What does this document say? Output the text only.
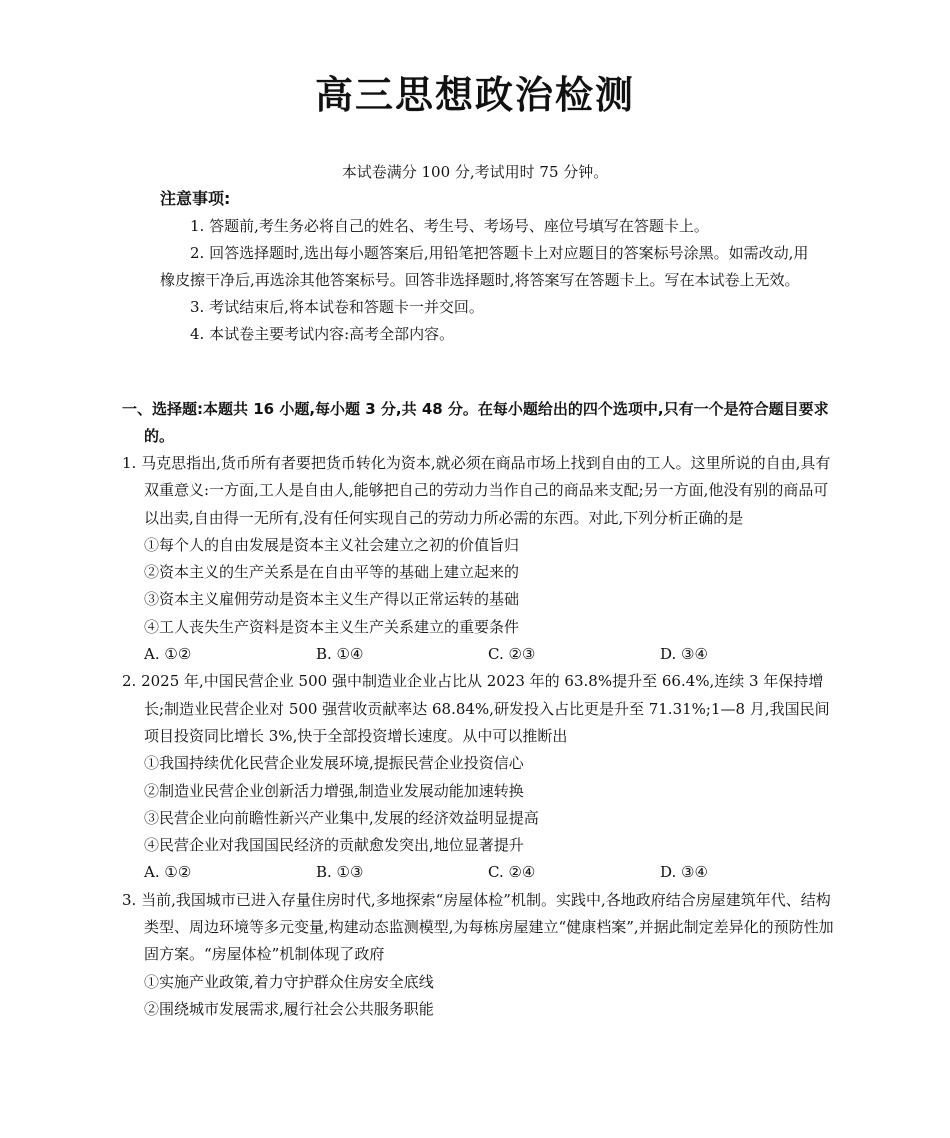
高三思想政治检测
本试卷满分 100 分,考试用时 75 分钟。
注意事项:

1. 答题前,考生务必将自己的姓名、考生号、考场号、座位号填写在答题卡上。

2. 回答选择题时,选出每小题答案后,用铅笔把答题卡上对应题目的答案标号涂黑。如需改动,用橡皮擦干净后,再选涂其他答案标号。回答非选择题时,将答案写在答题卡上。写在本试卷上无效。

3. 考试结束后,将本试卷和答题卡一并交回。

4. 本试卷主要考试内容:高考全部内容。

一、选择题:本题共 16 小题,每小题 3 分,共 48 分。在每小题给出的四个选项中,只有一个是符合题目要求的。
1. 马克思指出,货币所有者要把货币转化为资本,就必须在商品市场上找到自由的工人。这里所说的自由,具有双重意义:一方面,工人是自由人,能够把自己的劳动力当作自己的商品来支配;另一方面,他没有别的商品可以出卖,自由得一无所有,没有任何实现自己的劳动力所必需的东西。对此,下列分析正确的是
①每个人的自由发展是资本主义社会建立之初的价值旨归
②资本主义的生产关系是在自由平等的基础上建立起来的
③资本主义雇佣劳动是资本主义生产得以正常运转的基础
④工人丧失生产资料是资本主义生产关系建立的重要条件
A. ①②	B. ①④	C. ②③	D. ③④
2. 2025 年,中国民营企业 500 强中制造业企业占比从 2023 年的 63.8%提升至 66.4%,连续 3 年保持增长;制造业民营企业对 500 强营收贡献率达 68.84%,研发投入占比更是升至 71.31%;1—8 月,我国民间项目投资同比增长 3%,快于全部投资增长速度。从中可以推断出
①我国持续优化民营企业发展环境,提振民营企业投资信心
②制造业民营企业创新活力增强,制造业发展动能加速转换
③民营企业向前瞻性新兴产业集中,发展的经济效益明显提高
④民营企业对我国国民经济的贡献愈发突出,地位显著提升
A. ①②	B. ①③	C. ②④	D. ③④
3. 当前,我国城市已进入存量住房时代,多地探索“房屋体检”机制。实践中,各地政府结合房屋建筑年代、结构类型、周边环境等多元变量,构建动态监测模型,为每栋房屋建立“健康档案”,并据此制定差异化的预防性加固方案。“房屋体检”机制体现了政府
①实施产业政策,着力守护群众住房安全底线
②围绕城市发展需求,履行社会公共服务职能
